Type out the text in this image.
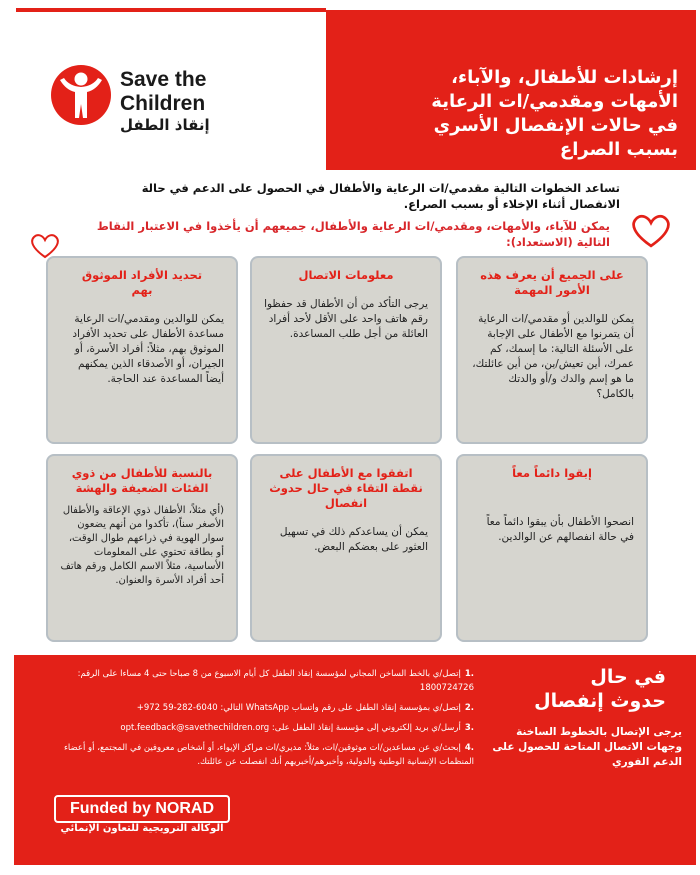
Save the
Children
إنقاذ الطفل
إرشادات للأطفال، والآباء،
الأمهات ومقدمي/ات الرعاية
في حالات الإنفصال الأسري
بسبب الصراع
تساعد الخطوات التالية مقدمي/ات الرعاية والأطفال في الحصول على الدعم في حالة الانفصال أثناء الإخلاء أو بسبب الصراع.
يمكن للآباء، والأمهات، ومقدمي/ات الرعاية والأطفال، جميعهم أن يأخذوا في الاعتبار النقاط التالية (الاستعداد):
على الجميع أن يعرف هذه
الأمور المهمة
يمكن للوالدين أو مقدمي/ات الرعاية أن يتمرنوا مع الأطفال على الإجابة على الأسئلة التالية: ما إسمك، كم عمرك، أين تعيش/ين، من أين عائلتك، ما هو إسم والدك و/أو والدتك بالكامل؟
معلومات الاتصال
يرجى التأكد من أن الأطفال قد حفظوا رقم هاتف واحد على الأقل لأحد أفراد العائلة من أجل طلب المساعدة.
تحديد الأفراد الموثوق
بهم
يمكن للوالدين ومقدمي/ات الرعاية مساعدة الأطفال على تحديد الأفراد الموثوق بهم، مثلاً: أفراد الأسرة، أو الجيران، أو الأصدقاء الذين يمكنهم أيضاً المساعدة عند الحاجة.
إبقوا دائماً معاً
انصحوا الأطفال بأن يبقوا دائماً معاً في حالة انفصالهم عن الوالدين.
اتفقوا مع الأطفال على
نقطة التقاء في حال حدوث
انفصال
يمكن أن يساعدكم ذلك في تسهيل العثور على بعضكم البعض.
بالنسبة للأطفال من ذوي
الفئات الضعيفة والهشة
(أي مثلاً، الأطفال ذوي الإعاقة والأطفال الأصغر سناً)، تأكدوا من أنهم يضعون سوار الهوية في ذراعهم طوال الوقت، أو بطاقة تحتوي على المعلومات الأساسية، مثلاً الاسم الكامل ورقم هاتف أحد أفراد الأسرة والعنوان.
في حال
حدوث إنفصال
يرجى الإتصال بالخطوط الساخنة وجهات الاتصال المتاحة للحصول على الدعم الفوري
.1إتصل/ي بالخط الساخن المجاني لمؤسسة إنقاذ الطفل كل أيام الاسبوع من 8 صباحا حتى 4 مساءا على الرقم: 1800724726
.2إتصل/ي بمؤسسة إنقاذ الطفل على رقم واتساب WhatsApp التالي: 6040-282-59 972+
.3أرسل/ي بريد إلكتروني إلى مؤسسة إنقاذ الطفل على: opt.feedback@savethechildren.org
.4إبحث/ي عن مساعدين/ات موثوقين/ات، مثلاً: مديري/ات مراكز الإيواء، أو أشخاص معروفين في المجتمع، أو أعضاء المنظمات الإنسانية الوطنية والدولية، وأخبرهم/أخبريهم أنك انفصلت عن عائلتك.
Funded by NORAD
الوكالة النرويجية للتعاون الإنمائي
